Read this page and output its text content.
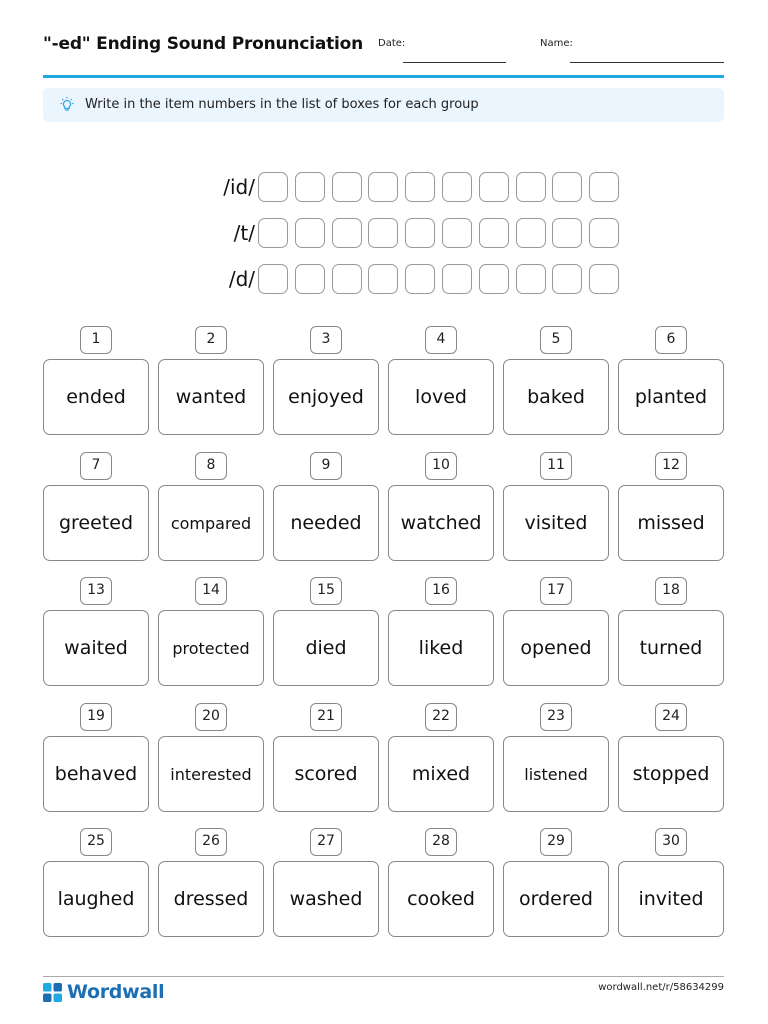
"-ed" Ending Sound Pronunciation Date:	Name:
Write in the item numbers in the list of boxes for each group
/id/
/t/
/d/
1
ended
2
wanted
3
enjoyed
4
loved
5
baked
6
planted
7
greeted
8
compared
9
needed
10
watched
11
visited
12
missed
13
waited
14
protected
15
died
16
liked
17
opened
18
turned
19
behaved
20
interested
21
scored
22
mixed
23
listened
24
stopped
25
laughed
26
dressed
27
washed
28
cooked
29
ordered
30
invited
Wordwall	wordwall.net/r/58634299
